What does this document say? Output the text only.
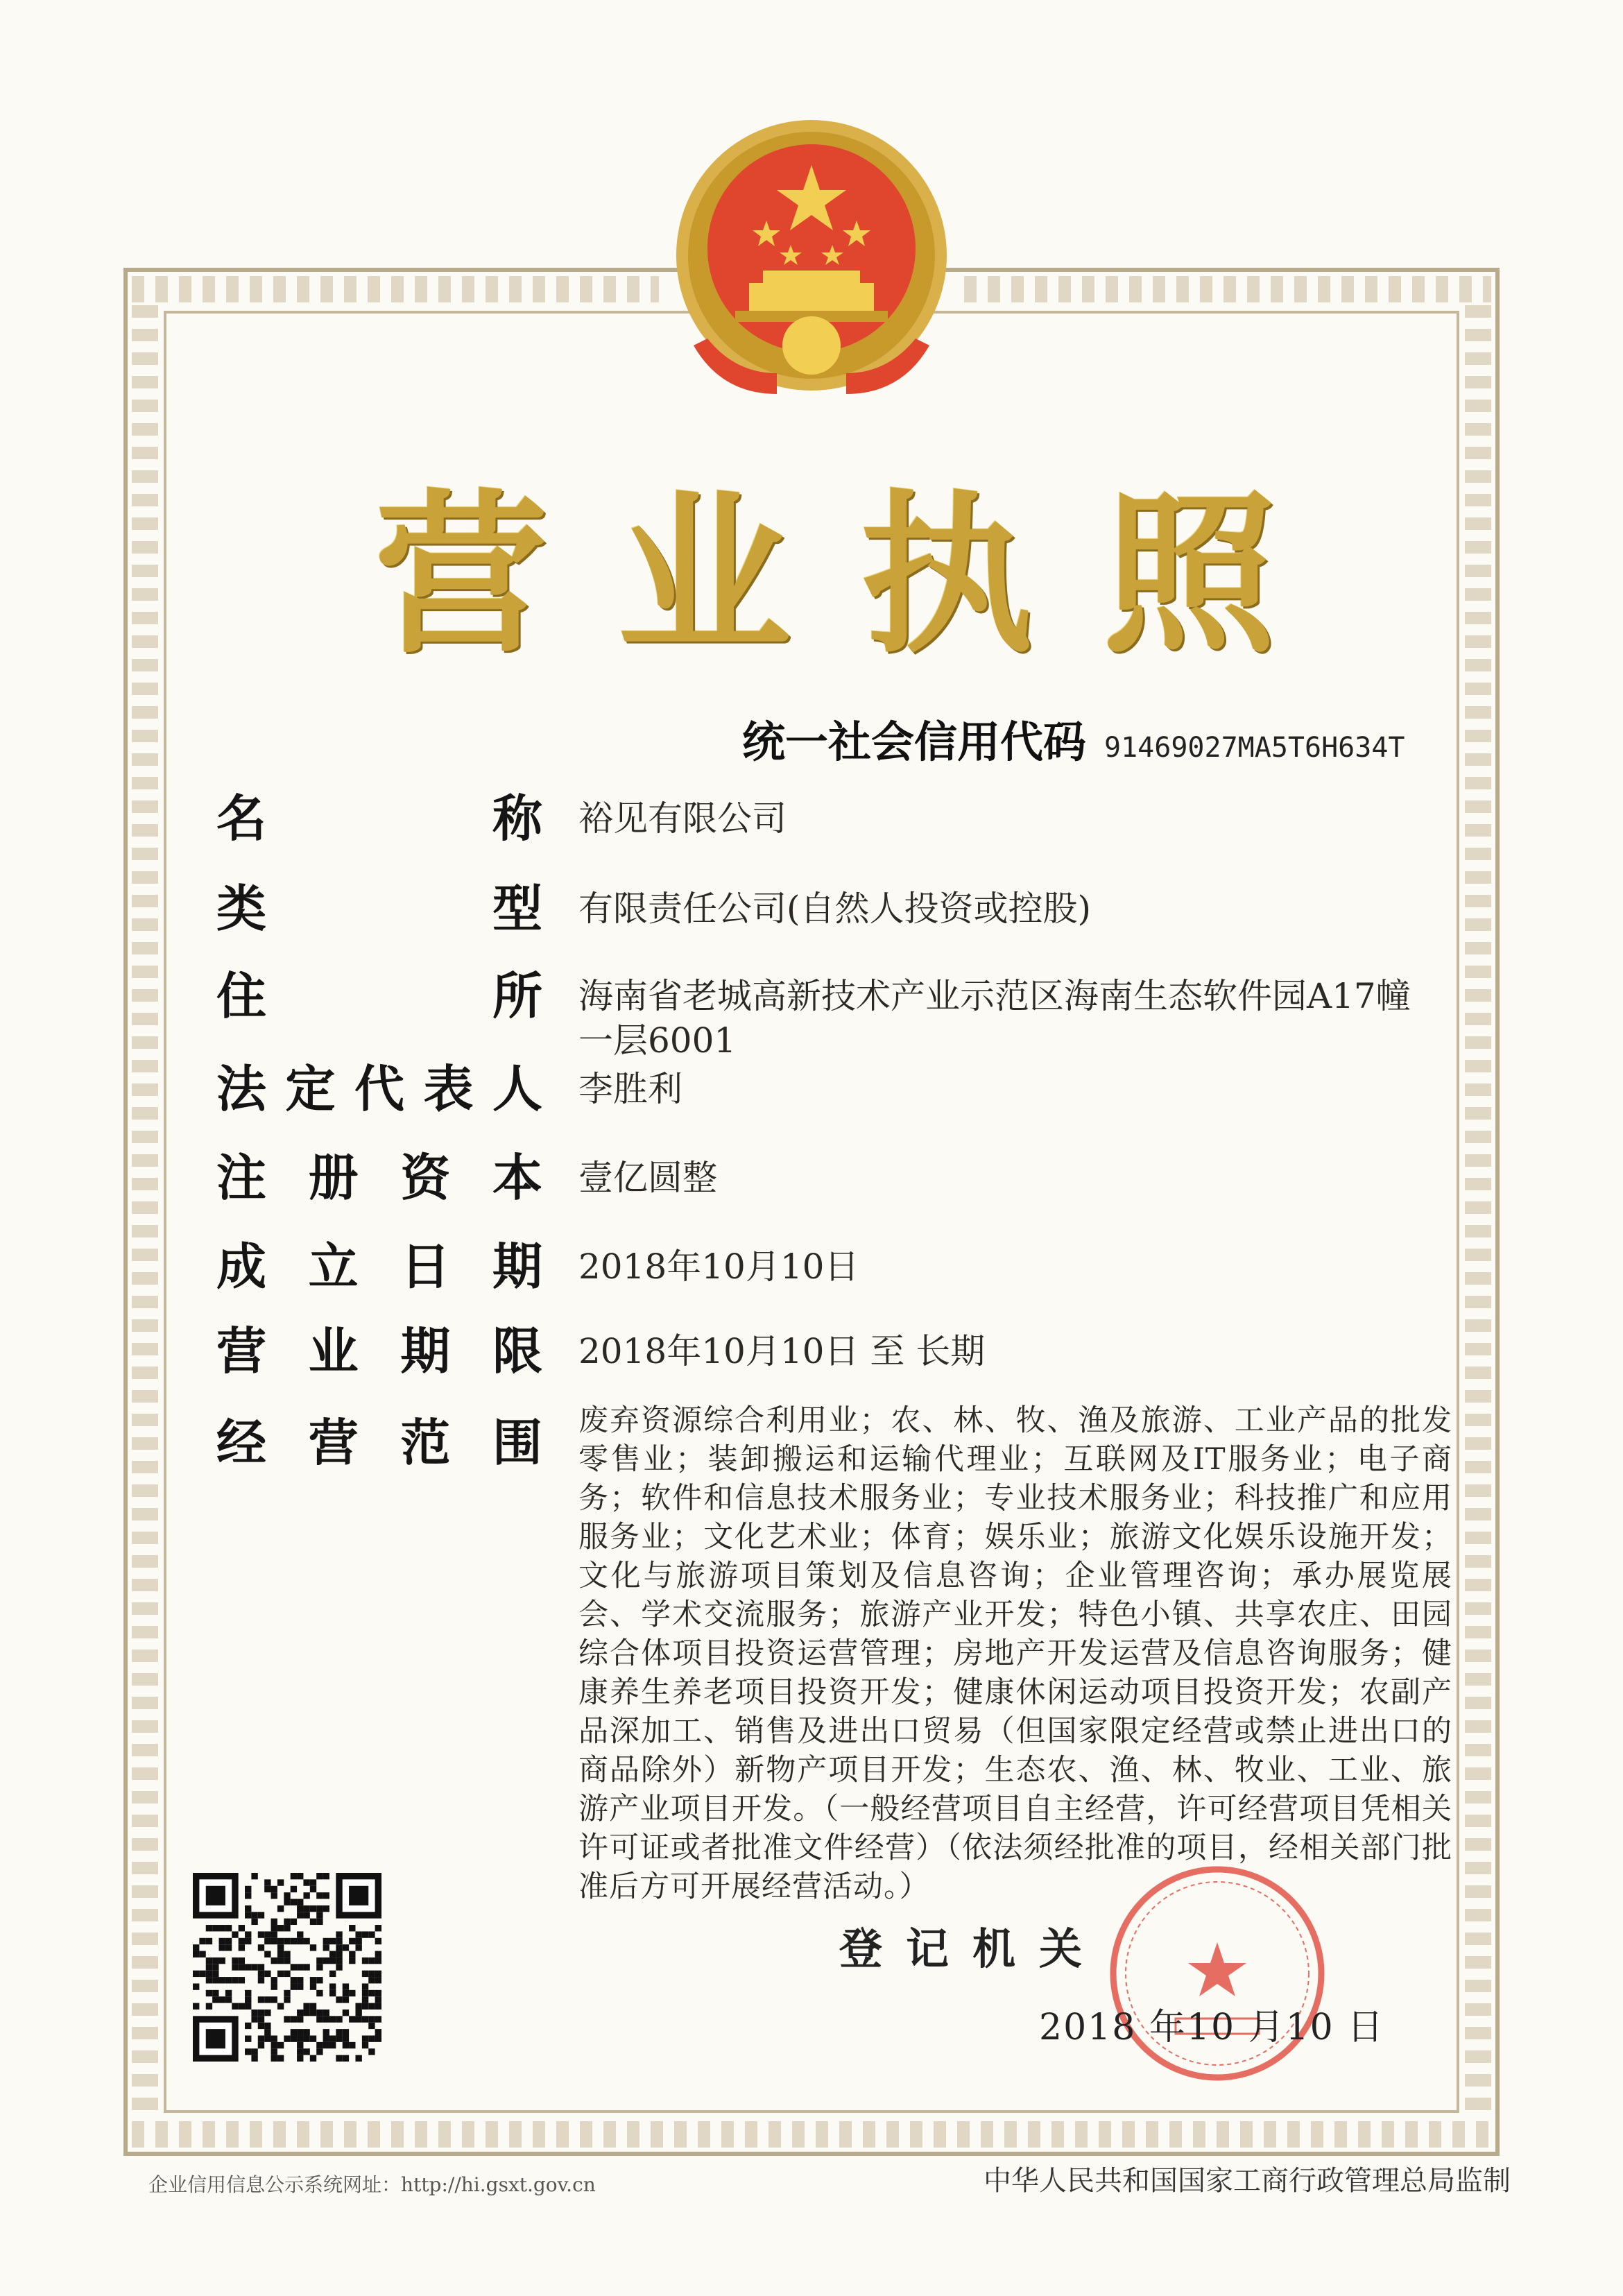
营 业 执 照
统一社会信用代码 91469027MA5T6H634T
名	称 裕见有限公司
类	型 有限责任公司(自然人投资或控股)
住	所 海南省老城高新技术产业示范区海南生态软件园A17幢一层6001
法 定 代 表 人 李胜利
注 册 资 本 壹亿圆整
成 立 日 期 2018年10月10日
营 业 期 限 2018年10月10日 至 长期
经 营 范 围 废弃资源综合利用业；农、林、牧、渔及旅游、工业产品的批发零售业；装卸搬运和运输代理业；互联网及IT服务业；电子商务；软件和信息技术服务业；专业技术服务业；科技推广和应用服务业；文化艺术业；体育；娱乐业；旅游文化娱乐设施开发；文化与旅游项目策划及信息咨询；企业管理咨询；承办展览展会、学术交流服务；旅游产业开发；特色小镇、共享农庄、田园综合体项目投资运营管理；房地产开发运营及信息咨询服务；健康养生养老项目投资开发；健康休闲运动项目投资开发；农副产品深加工、销售及进出口贸易（但国家限定经营或禁止进出口的商品除外）新物产项目开发；生态农、渔、林、牧业、工业、旅游产业项目开发。（一般经营项目自主经营，许可经营项目凭相关许可证或者批准文件经营）（依法须经批准的项目，经相关部门批准后方可开展经营活动。）
登记机关
2018 年10 月10 日
企业信用信息公示系统网址：http://hi.gsxt.gov.cn	中华人民共和国国家工商行政管理总局监制
